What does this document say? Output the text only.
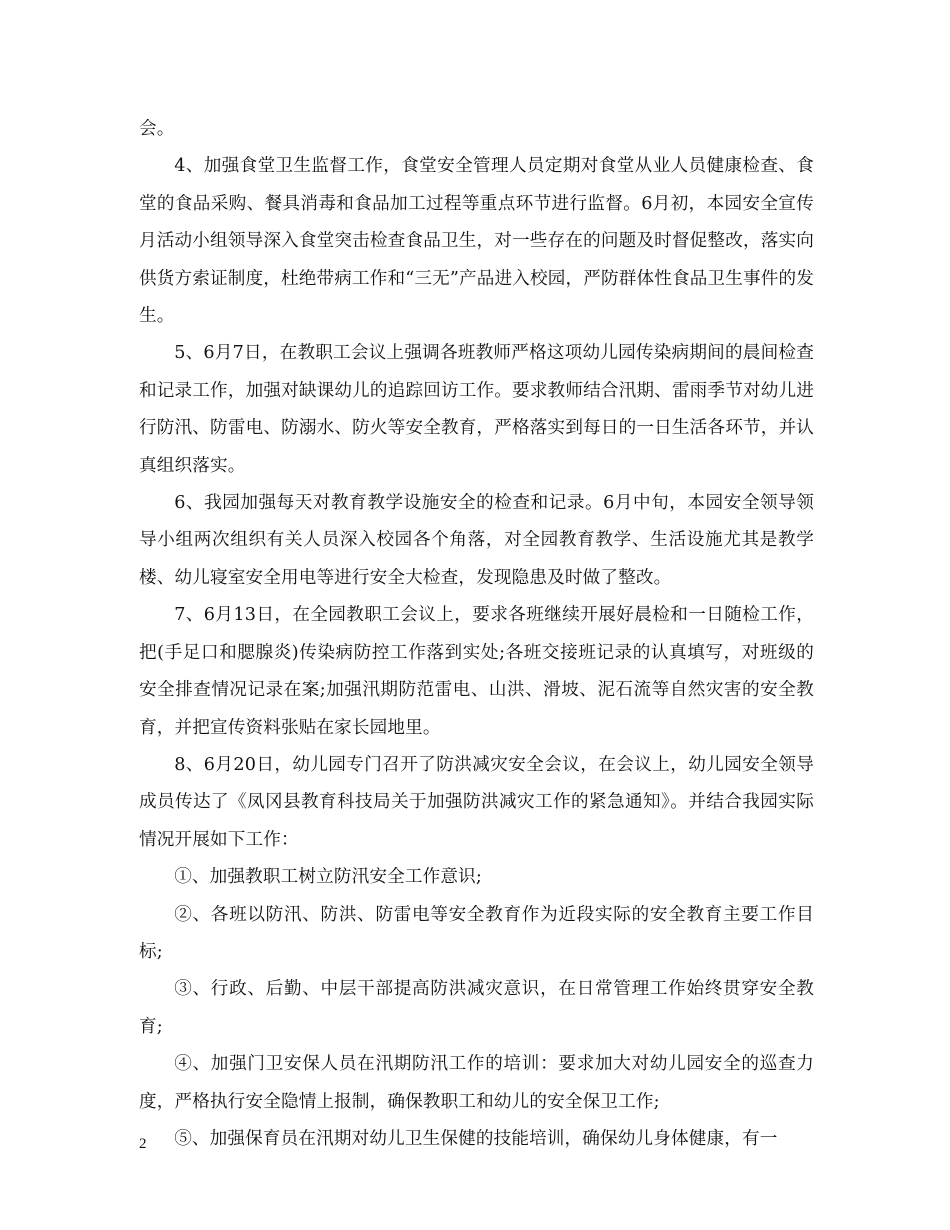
会。

4、加强食堂卫生监督工作，食堂安全管理人员定期对食堂从业人员健康检查、食堂的食品采购、餐具消毒和食品加工过程等重点环节进行监督。6月初，本园安全宣传月活动小组领导深入食堂突击检查食品卫生，对一些存在的问题及时督促整改，落实向供货方索证制度，杜绝带病工作和“三无”产品进入校园，严防群体性食品卫生事件的发生。

5、6月7日，在教职工会议上强调各班教师严格这项幼儿园传染病期间的晨间检查和记录工作，加强对缺课幼儿的追踪回访工作。要求教师结合汛期、雷雨季节对幼儿进行防汛、防雷电、防溺水、防火等安全教育，严格落实到每日的一日生活各环节，并认真组织落实。

6、我园加强每天对教育教学设施安全的检查和记录。6月中旬，本园安全领导领导小组两次组织有关人员深入校园各个角落，对全园教育教学、生活设施尤其是教学楼、幼儿寝室安全用电等进行安全大检查，发现隐患及时做了整改。

7、6月13日，在全园教职工会议上，要求各班继续开展好晨检和一日随检工作，把(手足口和腮腺炎)传染病防控工作落到实处;各班交接班记录的认真填写，对班级的安全排查情况记录在案;加强汛期防范雷电、山洪、滑坡、泥石流等自然灾害的安全教育，并把宣传资料张贴在家长园地里。

8、6月20日，幼儿园专门召开了防洪减灾安全会议，在会议上，幼儿园安全领导成员传达了《凤冈县教育科技局关于加强防洪减灾工作的紧急通知》。并结合我园实际情况开展如下工作：

①、加强教职工树立防汛安全工作意识;

②、各班以防汛、防洪、防雷电等安全教育作为近段实际的安全教育主要工作目标;

③、行政、后勤、中层干部提高防洪减灾意识，在日常管理工作始终贯穿安全教育;

④、加强门卫安保人员在汛期防汛工作的培训：要求加大对幼儿园安全的巡查力度，严格执行安全隐情上报制，确保教职工和幼儿的安全保卫工作;

⑤、加强保育员在汛期对幼儿卫生保健的技能培训，确保幼儿身体健康，有一

2
